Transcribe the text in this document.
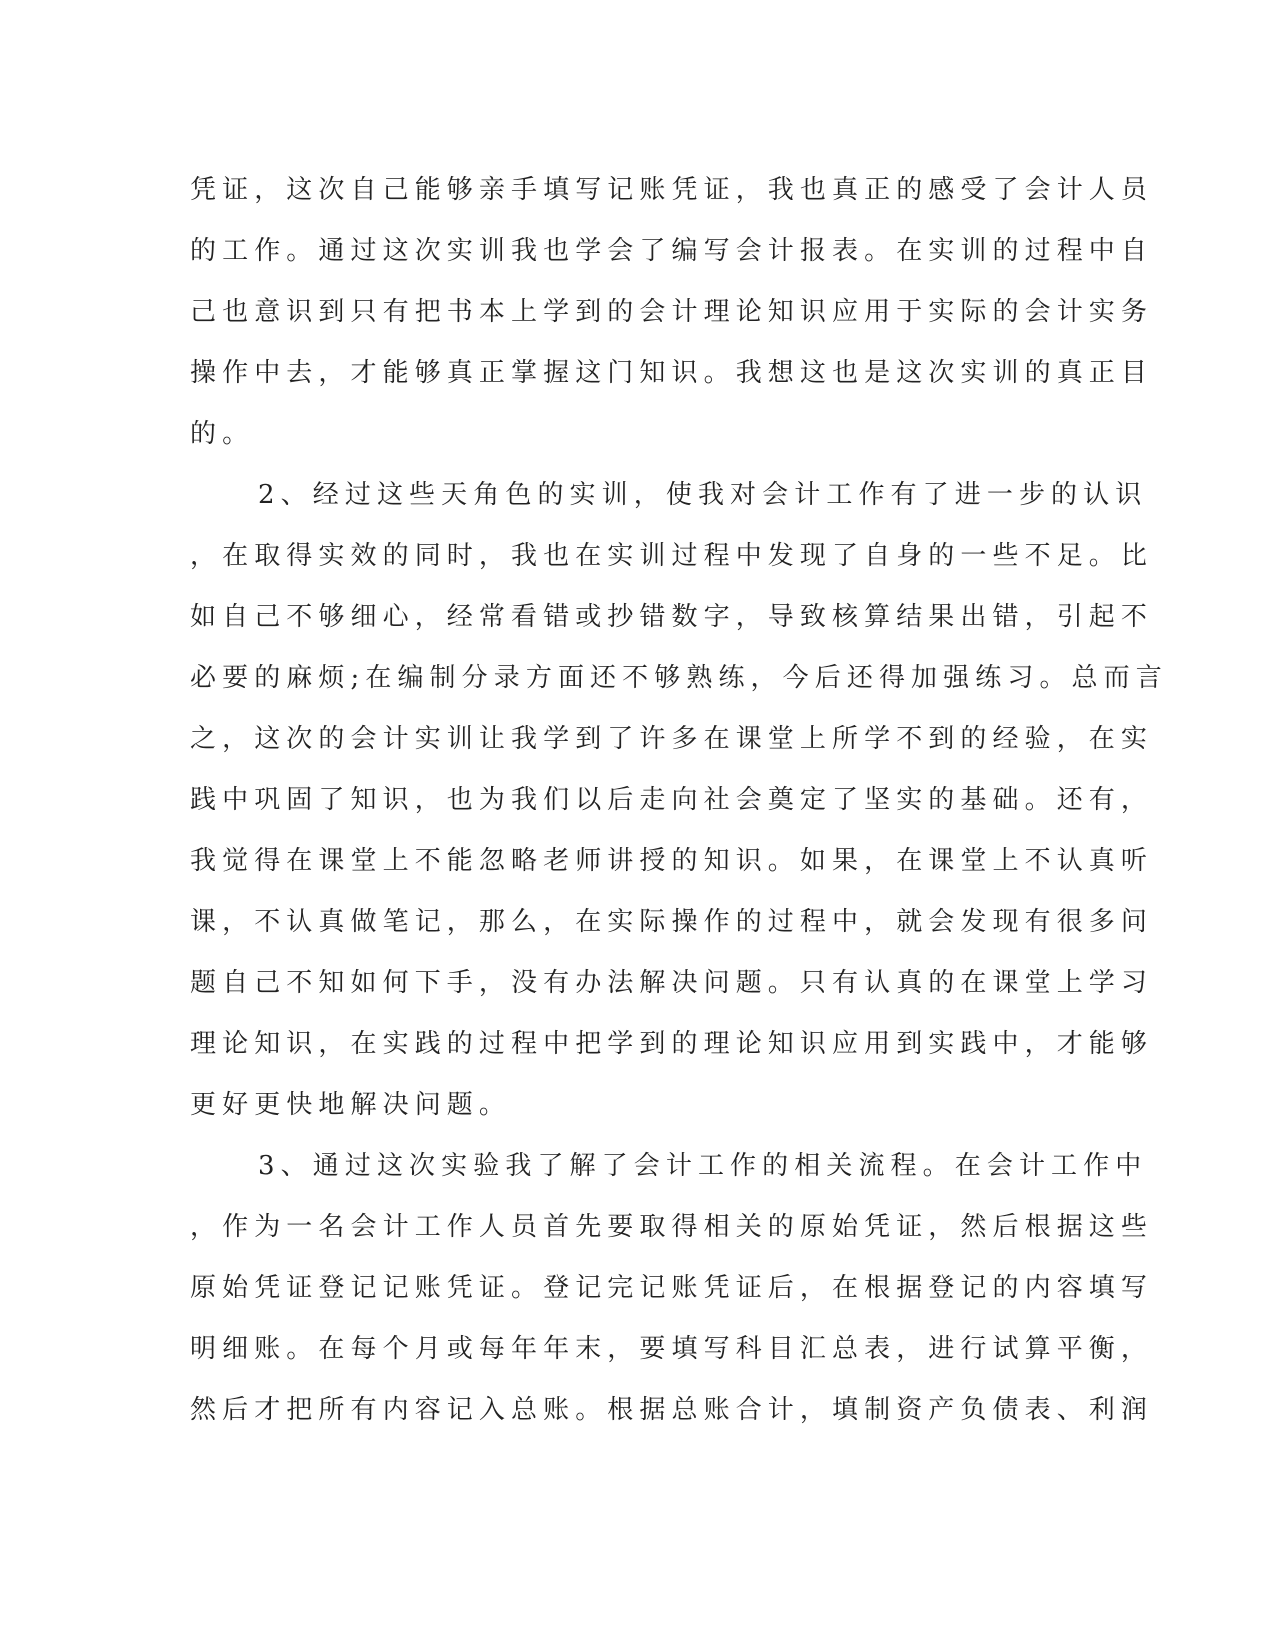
凭证，这次自己能够亲手填写记账凭证，我也真正的感受了会计人员
的工作。通过这次实训我也学会了编写会计报表。在实训的过程中自
己也意识到只有把书本上学到的会计理论知识应用于实际的会计实务
操作中去，才能够真正掌握这门知识。我想这也是这次实训的真正目
的。
2、经过这些天角色的实训，使我对会计工作有了进一步的认识
，在取得实效的同时，我也在实训过程中发现了自身的一些不足。比
如自己不够细心，经常看错或抄错数字，导致核算结果出错，引起不
必要的麻烦;在编制分录方面还不够熟练，今后还得加强练习。总而言
之，这次的会计实训让我学到了许多在课堂上所学不到的经验，在实
践中巩固了知识，也为我们以后走向社会奠定了坚实的基础。还有，
我觉得在课堂上不能忽略老师讲授的知识。如果，在课堂上不认真听
课，不认真做笔记，那么，在实际操作的过程中，就会发现有很多问
题自己不知如何下手，没有办法解决问题。只有认真的在课堂上学习
理论知识，在实践的过程中把学到的理论知识应用到实践中，才能够
更好更快地解决问题。
3、通过这次实验我了解了会计工作的相关流程。在会计工作中
，作为一名会计工作人员首先要取得相关的原始凭证，然后根据这些
原始凭证登记记账凭证。登记完记账凭证后，在根据登记的内容填写
明细账。在每个月或每年年末，要填写科目汇总表，进行试算平衡，
然后才把所有内容记入总账。根据总账合计，填制资产负债表、利润
